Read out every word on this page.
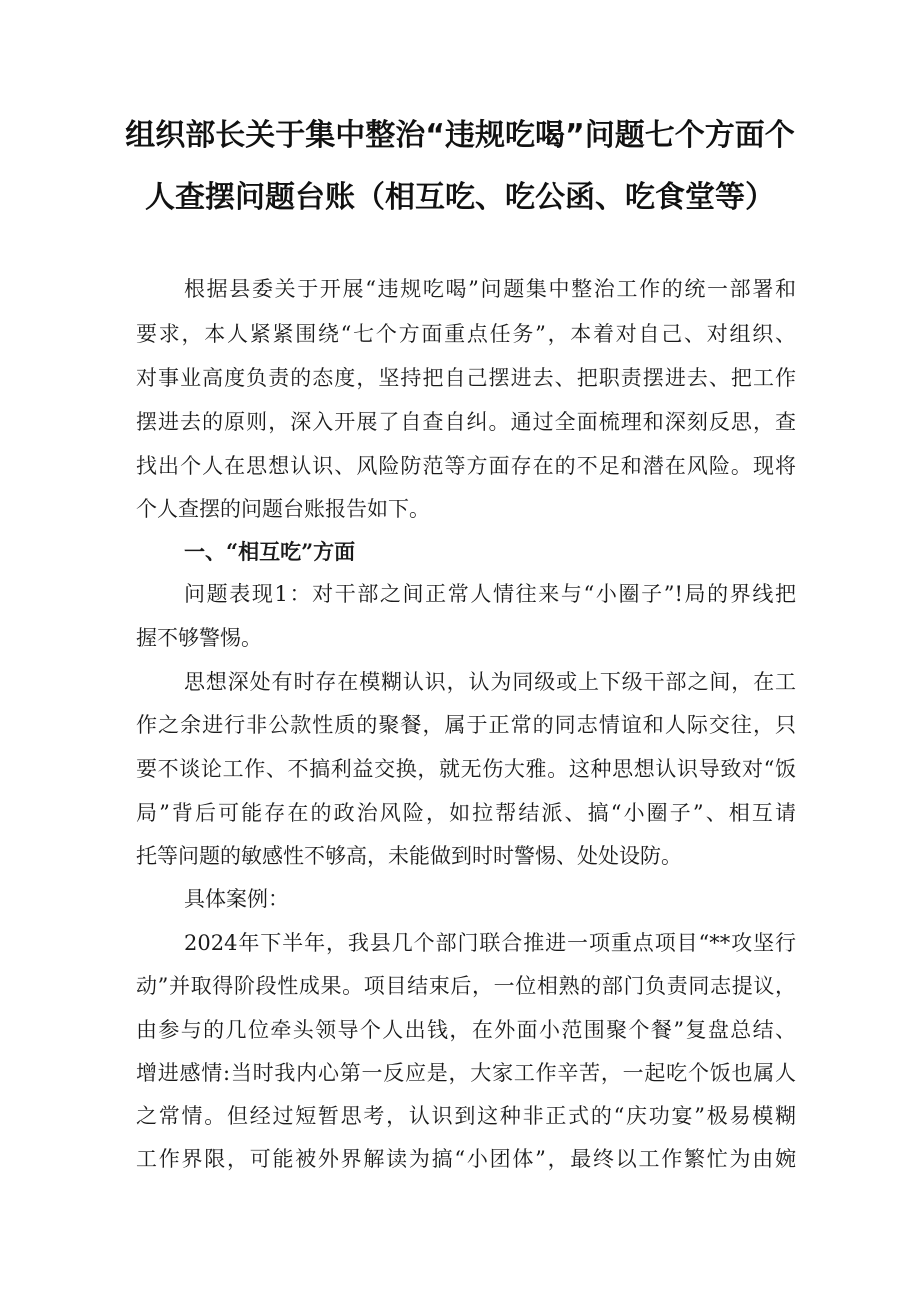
组织部长关于集中整治“违规吃喝”问题七个方面个
人查摆问题台账（相互吃、吃公函、吃食堂等）
根据县委关于开展“违规吃喝”问题集中整治工作的统一部署和
要求，本人紧紧围绕“七个方面重点任务”，本着对自己、对组织、
对事业高度负责的态度，坚持把自己摆进去、把职责摆进去、把工作
摆进去的原则，深入开展了自查自纠。通过全面梳理和深刻反思，查
找出个人在思想认识、风险防范等方面存在的不足和潜在风险。现将
个人查摆的问题台账报告如下。
一、“相互吃”方面
问题表现1：对干部之间正常人情往来与“小圈子”!局的界线把
握不够警惕。
思想深处有时存在模糊认识，认为同级或上下级干部之间，在工
作之余进行非公款性质的聚餐，属于正常的同志情谊和人际交往，只
要不谈论工作、不搞利益交换，就无伤大雅。这种思想认识导致对“饭
局”背后可能存在的政治风险，如拉帮结派、搞“小圈子”、相互请
托等问题的敏感性不够高，未能做到时时警惕、处处设防。
具体案例：
2024年下半年，我县几个部门联合推进一项重点项目“**攻坚行
动”并取得阶段性成果。项目结束后，一位相熟的部门负责同志提议，
由参与的几位牵头领导个人出钱，在外面小范围聚个餐”复盘总结、
增进感情:当时我内心第一反应是，大家工作辛苦，一起吃个饭也属人
之常情。但经过短暂思考，认识到这种非正式的“庆功宴”极易模糊
工作界限，可能被外界解读为搞“小团体”，最终以工作繁忙为由婉
